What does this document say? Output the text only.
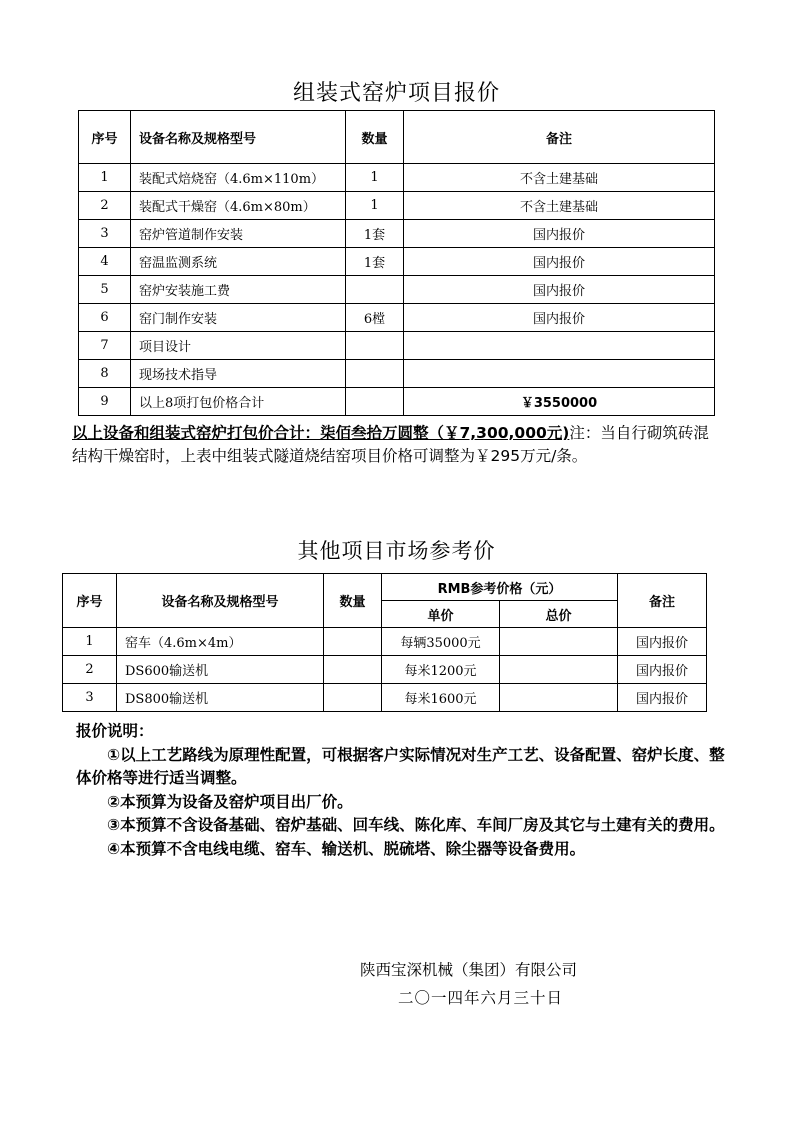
组装式窑炉项目报价
序号	设备名称及规格型号	数量	备注
1	装配式焙烧窑（4.6m×110m）	1	不含土建基础
2	装配式干燥窑（4.6m×80m）	1	不含土建基础
3	窑炉管道制作安装	1套	国内报价
4	窑温监测系统	1套	国内报价
5	窑炉安装施工费		国内报价
6	窑门制作安装	6樘	国内报价
7	项目设计		
8	现场技术指导		
9	以上8项打包价格合计		￥3550000
以上设备和组装式窑炉打包价合计：柒佰叁拾万圆整（￥7,300,000元)注：当自行砌筑砖混结构干燥窑时，上表中组装式隧道烧结窑项目价格可调整为￥295万元/条。
其他项目市场参考价
序号	设备名称及规格型号	数量	RMB参考价格（元）		备注
			单价	总价	
1	窑车（4.6m×4m）		每辆35000元		国内报价
2	DS600输送机		每米1200元		国内报价
3	DS800输送机		每米1600元		国内报价

报价说明：

①以上工艺路线为原理性配置，可根据客户实际情况对生产工艺、设备配置、窑炉长度、整体价格等进行适当调整。

②本预算为设备及窑炉项目出厂价。

③本预算不含设备基础、窑炉基础、回车线、陈化库、车间厂房及其它与土建有关的费用。

④本预算不含电线电缆、窑车、输送机、脱硫塔、除尘器等设备费用。

陕西宝深机械（集团）有限公司
二〇一四年六月三十日
